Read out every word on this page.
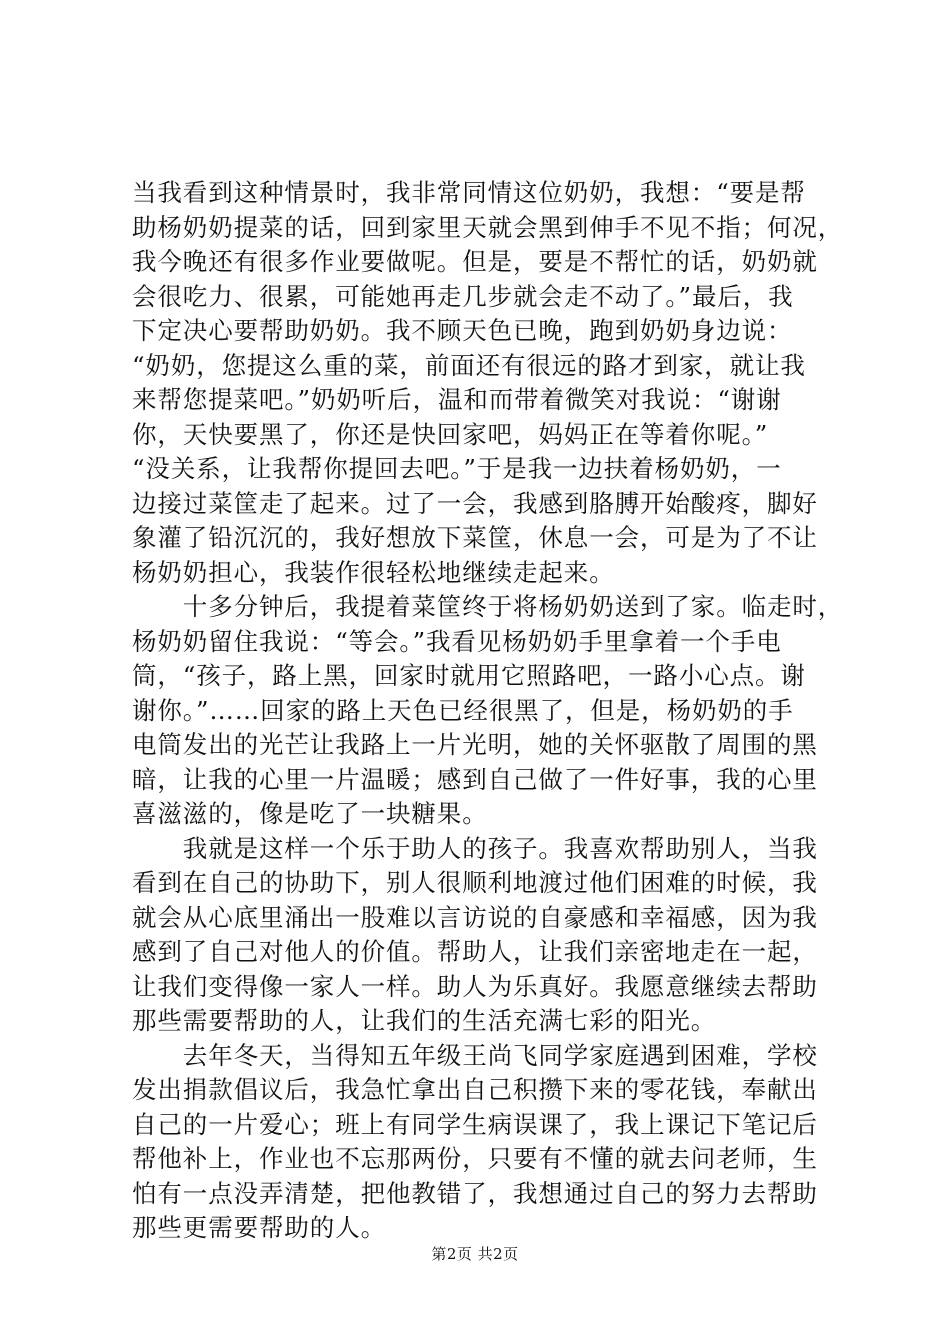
当我看到这种情景时，我非常同情这位奶奶，我想：“要是帮
助杨奶奶提菜的话，回到家里天就会黑到伸手不见不指；何况，
我今晚还有很多作业要做呢。但是，要是不帮忙的话，奶奶就
会很吃力、很累，可能她再走几步就会走不动了。”最后，我
下定决心要帮助奶奶。我不顾天色已晚，跑到奶奶身边说：
“奶奶，您提这么重的菜，前面还有很远的路才到家，就让我
来帮您提菜吧。”奶奶听后，温和而带着微笑对我说：“谢谢
你，天快要黑了，你还是快回家吧，妈妈正在等着你呢。”
“没关系，让我帮你提回去吧。”于是我一边扶着杨奶奶，一
边接过菜筐走了起来。过了一会，我感到胳膊开始酸疼，脚好
象灌了铅沉沉的，我好想放下菜筐，休息一会，可是为了不让
杨奶奶担心，我装作很轻松地继续走起来。
　　十多分钟后，我提着菜筐终于将杨奶奶送到了家。临走时，
杨奶奶留住我说：“等会。”我看见杨奶奶手里拿着一个手电
筒，“孩子，路上黑，回家时就用它照路吧，一路小心点。谢
谢你。”……回家的路上天色已经很黑了，但是，杨奶奶的手
电筒发出的光芒让我路上一片光明，她的关怀驱散了周围的黑
暗，让我的心里一片温暖；感到自己做了一件好事，我的心里
喜滋滋的，像是吃了一块糖果。
　　我就是这样一个乐于助人的孩子。我喜欢帮助别人，当我
看到在自己的协助下，别人很顺利地渡过他们困难的时候，我
就会从心底里涌出一股难以言访说的自豪感和幸福感，因为我
感到了自己对他人的价值。帮助人，让我们亲密地走在一起，
让我们变得像一家人一样。助人为乐真好。我愿意继续去帮助
那些需要帮助的人，让我们的生活充满七彩的阳光。
　　去年冬天，当得知五年级王尚飞同学家庭遇到困难，学校
发出捐款倡议后，我急忙拿出自己积攒下来的零花钱，奉献出
自己的一片爱心；班上有同学生病误课了，我上课记下笔记后
帮他补上，作业也不忘那两份，只要有不懂的就去问老师，生
怕有一点没弄清楚，把他教错了，我想通过自己的努力去帮助
那些更需要帮助的人。
第2页 共2页
